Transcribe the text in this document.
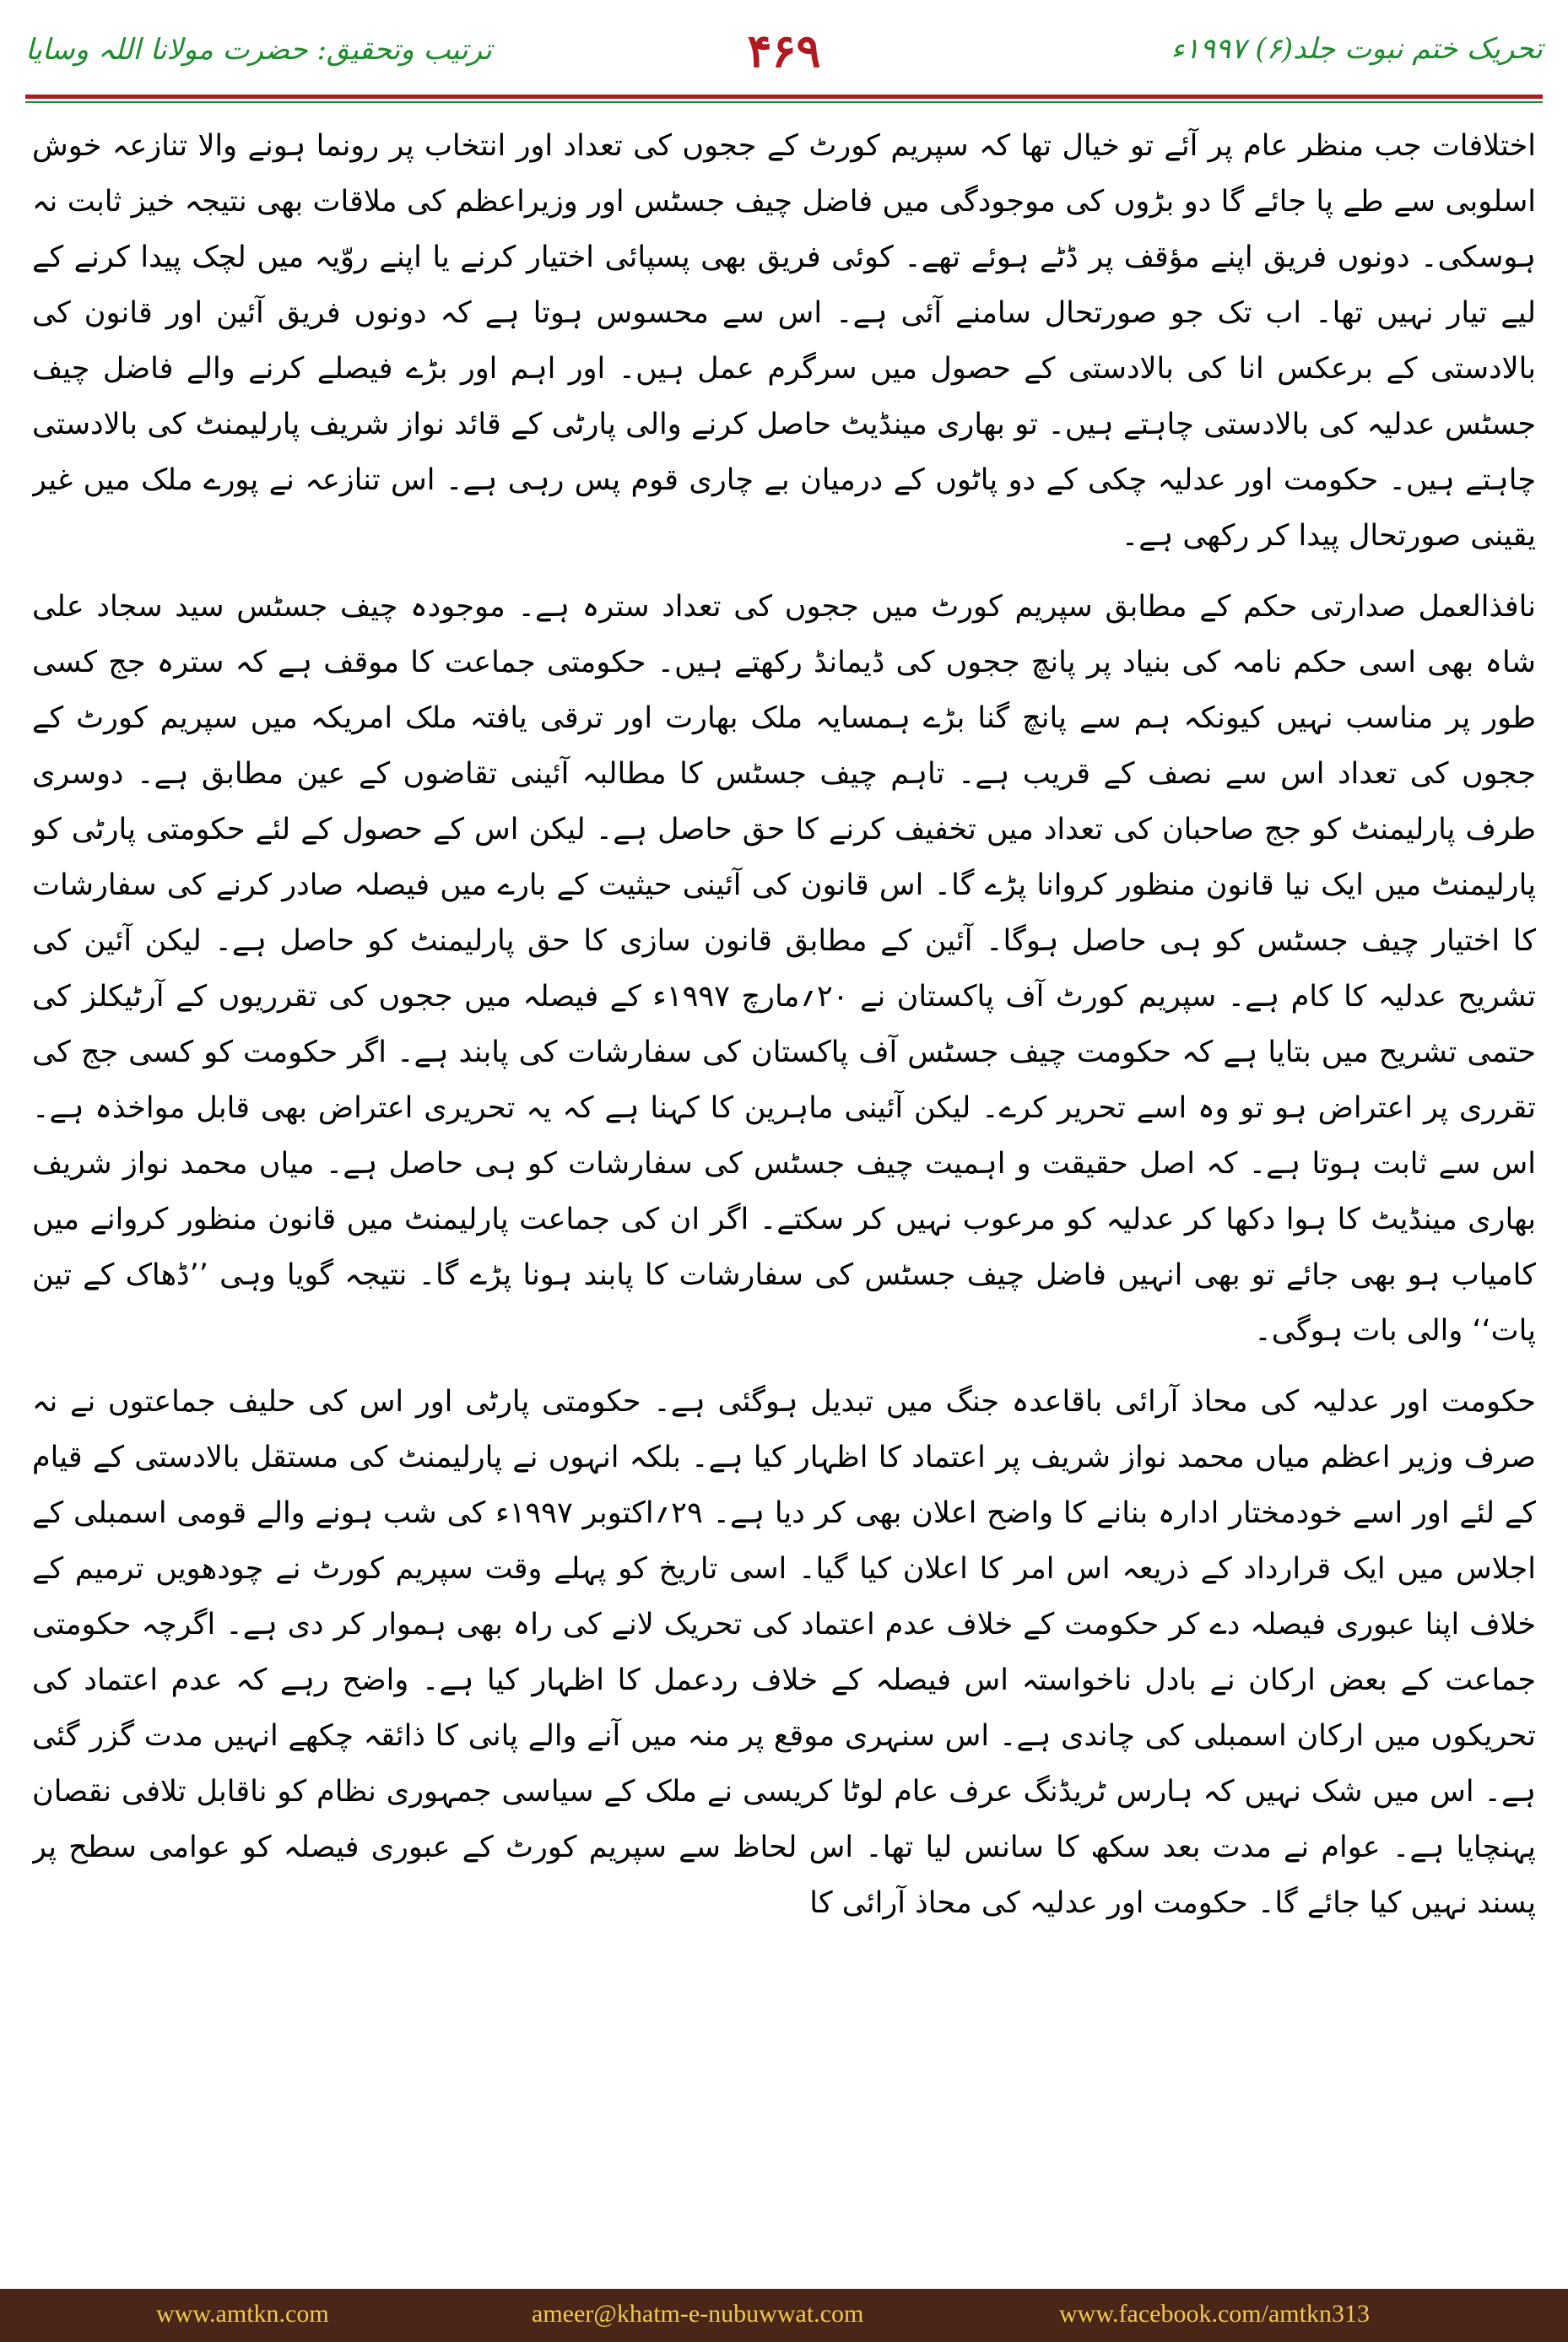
ترتیب وتحقیق: حضرت مولانا اللہ وسایا	۴۶۹	تحریک ختم نبوت جلد(۶) ۱۹۹۷ء

اختلافات جب منظر عام پر آئے تو خیال تھا کہ سپریم کورٹ کے ججوں کی تعداد اور انتخاب پر رونما ہونے والا تنازعہ خوش اسلوبی سے طے پا جائے گا دو بڑوں کی موجودگی میں فاضل چیف جسٹس اور وزیراعظم کی ملاقات بھی نتیجہ خیز ثابت نہ ہوسکی۔ دونوں فریق اپنے مؤقف پر ڈٹے ہوئے تھے۔ کوئی فریق بھی پسپائی اختیار کرنے یا اپنے روّیہ میں لچک پیدا کرنے کے لیے تیار نہیں تھا۔ اب تک جو صورتحال سامنے آئی ہے۔ اس سے محسوس ہوتا ہے کہ دونوں فریق آئین اور قانون کی بالادستی کے برعکس انا کی بالادستی کے حصول میں سرگرم عمل ہیں۔ اور اہم اور بڑے فیصلے کرنے والے فاضل چیف جسٹس عدلیہ کی بالادستی چاہتے ہیں۔ تو بھاری مینڈیٹ حاصل کرنے والی پارٹی کے قائد نواز شریف پارلیمنٹ کی بالادستی چاہتے ہیں۔ حکومت اور عدلیہ چکی کے دو پاٹوں کے درمیان بے چاری قوم پس رہی ہے۔ اس تنازعہ نے پورے ملک میں غیر یقینی صورتحال پیدا کر رکھی ہے۔

نافذالعمل صدارتی حکم کے مطابق سپریم کورٹ میں ججوں کی تعداد سترہ ہے۔ موجودہ چیف جسٹس سید سجاد علی شاہ بھی اسی حکم نامہ کی بنیاد پر پانچ ججوں کی ڈیمانڈ رکھتے ہیں۔ حکومتی جماعت کا موقف ہے کہ سترہ جج کسی طور پر مناسب نہیں کیونکہ ہم سے پانچ گنا بڑے ہمسایہ ملک بھارت اور ترقی یافتہ ملک امریکہ میں سپریم کورٹ کے ججوں کی تعداد اس سے نصف کے قریب ہے۔ تاہم چیف جسٹس کا مطالبہ آئینی تقاضوں کے عین مطابق ہے۔ دوسری طرف پارلیمنٹ کو جج صاحبان کی تعداد میں تخفیف کرنے کا حق حاصل ہے۔ لیکن اس کے حصول کے لئے حکومتی پارٹی کو پارلیمنٹ میں ایک نیا قانون منظور کروانا پڑے گا۔ اس قانون کی آئینی حیثیت کے بارے میں فیصلہ صادر کرنے کی سفارشات کا اختیار چیف جسٹس کو ہی حاصل ہوگا۔ آئین کے مطابق قانون سازی کا حق پارلیمنٹ کو حاصل ہے۔ لیکن آئین کی تشریح عدلیہ کا کام ہے۔ سپریم کورٹ آف پاکستان نے ۲۰؍مارچ ۱۹۹۷ء کے فیصلہ میں ججوں کی تقرریوں کے آرٹیکلز کی حتمی تشریح میں بتایا ہے کہ حکومت چیف جسٹس آف پاکستان کی سفارشات کی پابند ہے۔ اگر حکومت کو کسی جج کی تقرری پر اعتراض ہو تو وہ اسے تحریر کرے۔ لیکن آئینی ماہرین کا کہنا ہے کہ یہ تحریری اعتراض بھی قابل مواخذہ ہے۔ اس سے ثابت ہوتا ہے۔ کہ اصل حقیقت و اہمیت چیف جسٹس کی سفارشات کو ہی حاصل ہے۔ میاں محمد نواز شریف بھاری مینڈیٹ کا ہوا دکھا کر عدلیہ کو مرعوب نہیں کر سکتے۔ اگر ان کی جماعت پارلیمنٹ میں قانون منظور کروانے میں کامیاب ہو بھی جائے تو بھی انہیں فاضل چیف جسٹس کی سفارشات کا پابند ہونا پڑے گا۔ نتیجہ گویا وہی ’’ڈھاک کے تین پات‘‘ والی بات ہوگی۔

حکومت اور عدلیہ کی محاذ آرائی باقاعدہ جنگ میں تبدیل ہوگئی ہے۔ حکومتی پارٹی اور اس کی حلیف جماعتوں نے نہ صرف وزیر اعظم میاں محمد نواز شریف پر اعتماد کا اظہار کیا ہے۔ بلکہ انہوں نے پارلیمنٹ کی مستقل بالادستی کے قیام کے لئے اور اسے خودمختار ادارہ بنانے کا واضح اعلان بھی کر دیا ہے۔ ۲۹؍اکتوبر ۱۹۹۷ء کی شب ہونے والے قومی اسمبلی کے اجلاس میں ایک قرارداد کے ذریعہ اس امر کا اعلان کیا گیا۔ اسی تاریخ کو پہلے وقت سپریم کورٹ نے چودھویں ترمیم کے خلاف اپنا عبوری فیصلہ دے کر حکومت کے خلاف عدم اعتماد کی تحریک لانے کی راہ بھی ہموار کر دی ہے۔ اگرچہ حکومتی جماعت کے بعض ارکان نے بادل ناخواستہ اس فیصلہ کے خلاف ردعمل کا اظہار کیا ہے۔ واضح رہے کہ عدم اعتماد کی تحریکوں میں ارکان اسمبلی کی چاندی ہے۔ اس سنہری موقع پر منہ میں آنے والے پانی کا ذائقہ چکھے انہیں مدت گزر گئی ہے۔ اس میں شک نہیں کہ ہارس ٹریڈنگ عرف عام لوٹا کریسی نے ملک کے سیاسی جمہوری نظام کو ناقابل تلافی نقصان پہنچایا ہے۔ عوام نے مدت بعد سکھ کا سانس لیا تھا۔ اس لحاظ سے سپریم کورٹ کے عبوری فیصلہ کو عوامی سطح پر پسند نہیں کیا جائے گا۔ حکومت اور عدلیہ کی محاذ آرائی کا

www.amtkn.com	ameer@khatm-e-nubuwwat.com	www.facebook.com/amtkn313
